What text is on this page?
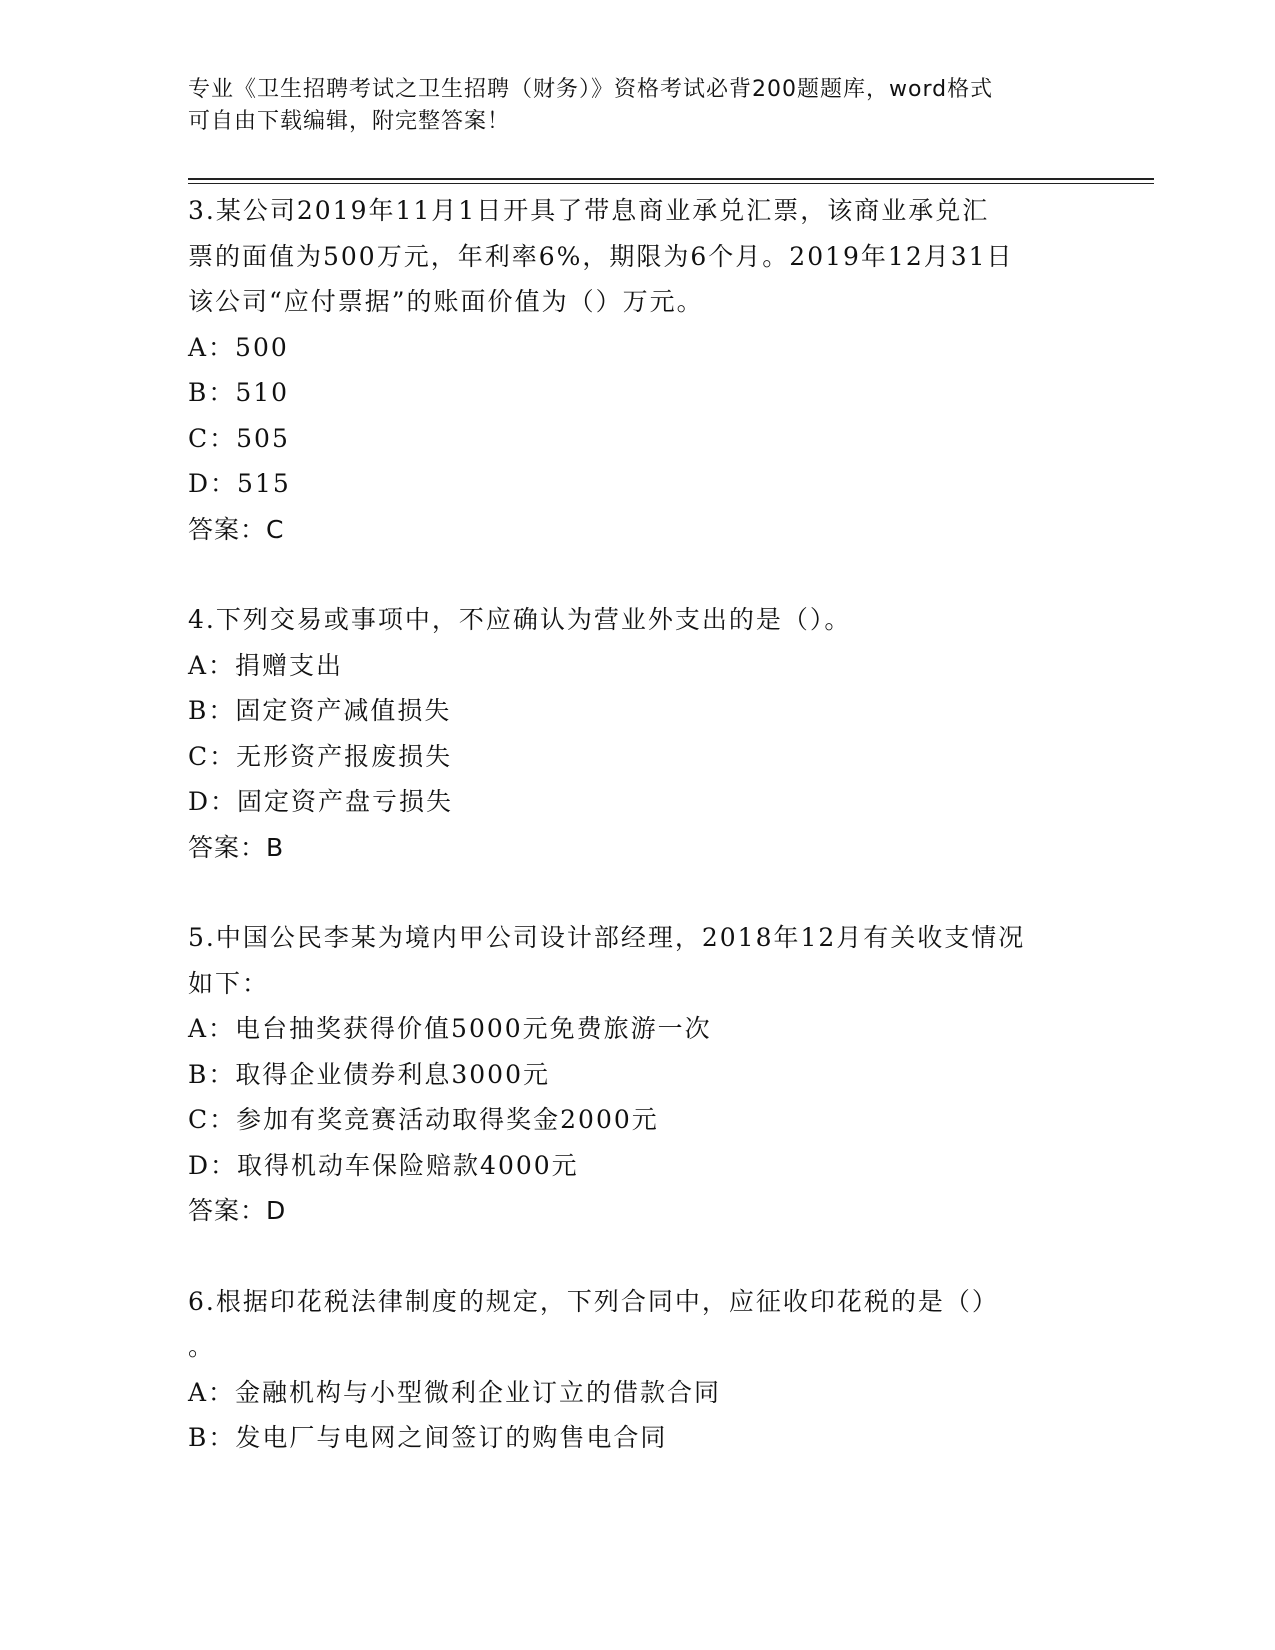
专业《卫生招聘考试之卫生招聘（财务）》资格考试必背200题题库，word格式
可自由下载编辑，附完整答案！
3.某公司2019年11月1日开具了带息商业承兑汇票，该商业承兑汇
票的面值为500万元，年利率6%，期限为6个月。2019年12月31日
该公司“应付票据”的账面价值为（）万元。
A：500
B：510
C：505
D：515
答案：C
4.下列交易或事项中，不应确认为营业外支出的是（）。
A：捐赠支出
B：固定资产减值损失
C：无形资产报废损失
D：固定资产盘亏损失
答案：B
5.中国公民李某为境内甲公司设计部经理，2018年12月有关收支情况
如下：
A：电台抽奖获得价值5000元免费旅游一次
B：取得企业债券利息3000元
C：参加有奖竞赛活动取得奖金2000元
D：取得机动车保险赔款4000元
答案：D
6.根据印花税法律制度的规定，下列合同中，应征收印花税的是（）
。
A：金融机构与小型微利企业订立的借款合同
B：发电厂与电网之间签订的购售电合同
